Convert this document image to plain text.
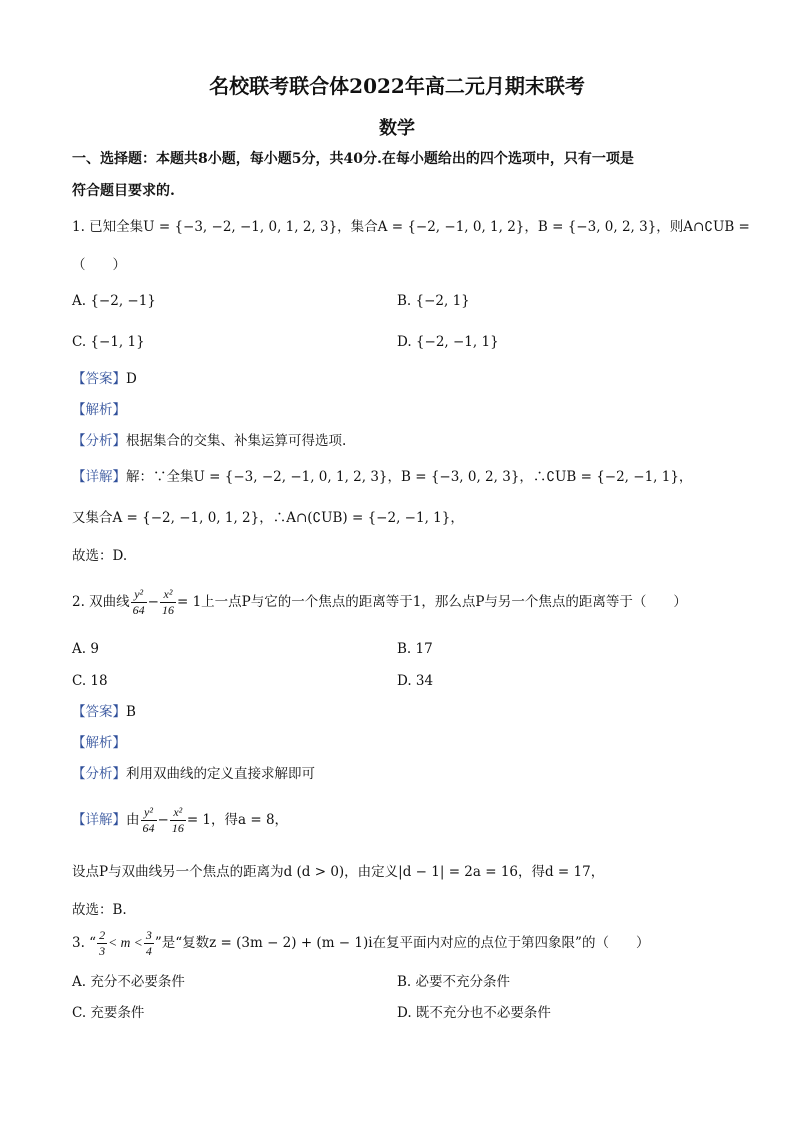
名校联考联合体2022年高二元月期末联考
数学
一、选择题：本题共8小题，每小题5分，共40分.在每小题给出的四个选项中，只有一项是
符合题目要求的.
1. 已知全集U = {−3, −2, −1, 0, 1, 2, 3}，集合A = {−2, −1, 0, 1, 2}，B = {−3, 0, 2, 3}，则A∩∁UB =
（　　）
A. {−2, −1}	B. {−2, 1}
C. {−1, 1}	D. {−2, −1, 1}
【答案】D
【解析】
【分析】根据集合的交集、补集运算可得选项.
【详解】解：∵全集U = {−3, −2, −1, 0, 1, 2, 3}，B = {−3, 0, 2, 3}，∴∁UB = {−2, −1, 1}，
又集合A = {−2, −1, 0, 1, 2}，∴A∩(∁UB) = {−2, −1, 1}，
故选：D.
2. 双曲线 $\frac{\text{y²}}{64} - \frac{\text{x²}}{16} = 1$上一点P与它的一个焦点的距离等于1，那么点P与另一个焦点的距离等于（　　）
A. 9	B. 17
C. 18	D. 34
【答案】B
【解析】
【分析】利用双曲线的定义直接求解即可
【详解】由 $\frac{\text{y²}}{64} - \frac{\text{x²}}{16} = 1$，得a = 8，
设点P与双曲线另一个焦点的距离为d (d > 0)，由定义|d − 1| = 2a = 16，得d = 17，
故选：B.
3. “ $\frac{2}{3} < m < \frac{3}{4}$ ”是“复数z = (3m − 2) + (m − 1)i在复平面内对应的点位于第四象限”的（　　）
A. 充分不必要条件	B. 必要不充分条件
C. 充要条件	D. 既不充分也不必要条件
